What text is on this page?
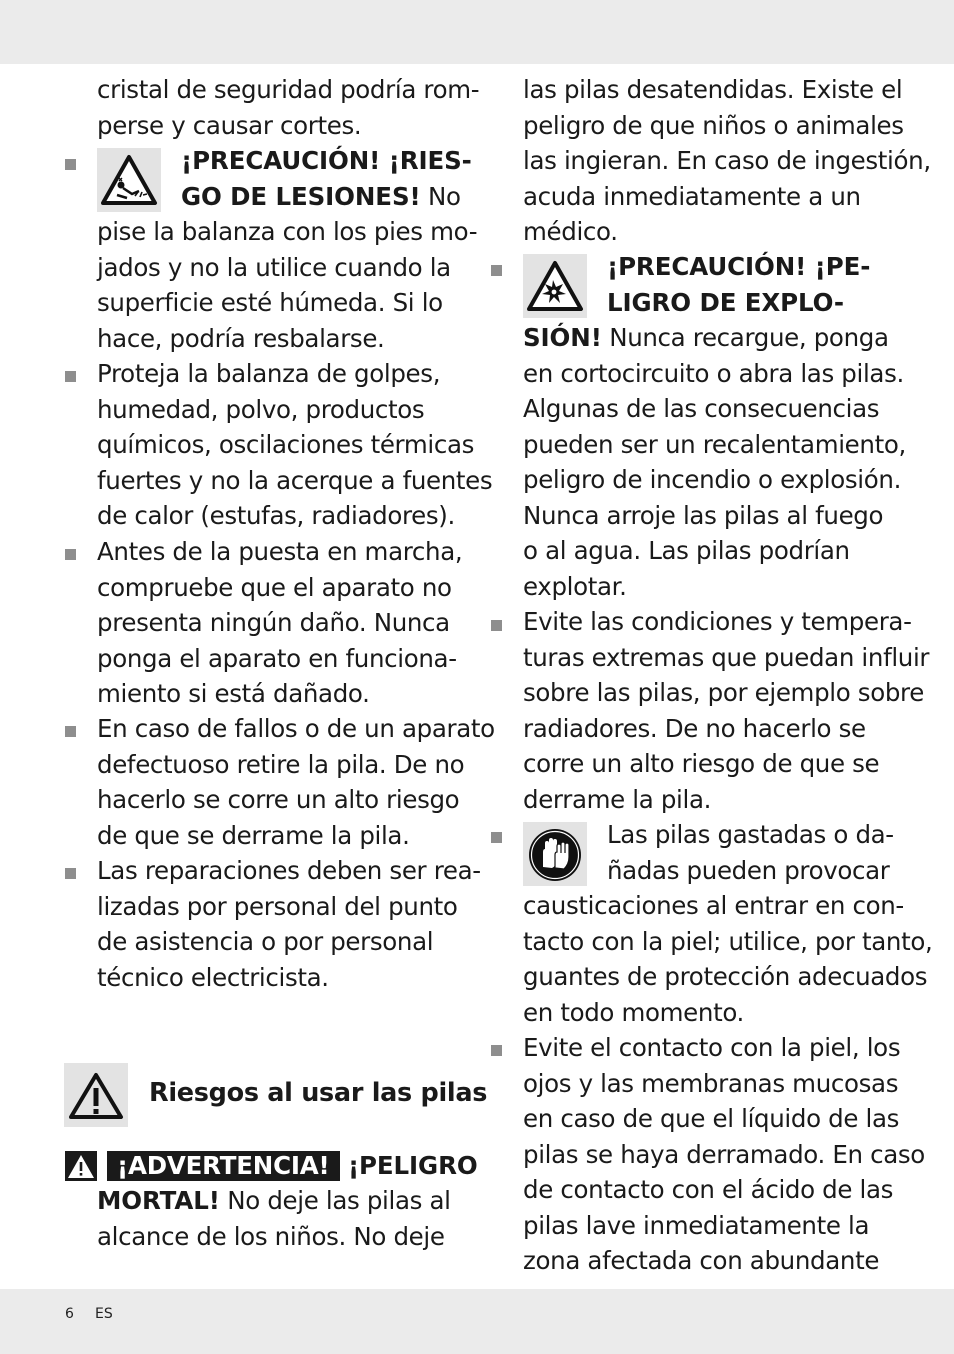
cristal de seguridad podría rom-
perse y causar cortes.
¡PRECAUCIÓN! ¡RIES-
GO DE LESIONES! No
pise la balanza con los pies mo-
jados y no la utilice cuando la
superficie esté húmeda. Si lo
hace, podría resbalarse.
Proteja la balanza de golpes,
humedad, polvo, productos
químicos, oscilaciones térmicas
fuertes y no la acerque a fuentes
de calor (estufas, radiadores).
Antes de la puesta en marcha,
compruebe que el aparato no
presenta ningún daño. Nunca
ponga el aparato en funciona-
miento si está dañado.
En caso de fallos o de un aparato
defectuoso retire la pila. De no
hacerlo se corre un alto riesgo
de que se derrame la pila.
Las reparaciones deben ser rea-
lizadas por personal del punto
de asistencia o por personal
técnico electricista.
Riesgos al usar las pilas
¡ADVERTENCIA! ¡PELIGRO
MORTAL! No deje las pilas al
alcance de los niños. No deje
las pilas desatendidas. Existe el
peligro de que niños o animales
las ingieran. En caso de ingestión,
acuda inmediatamente a un
médico.
¡PRECAUCIÓN! ¡PE-
LIGRO DE EXPLO-
SIÓN! Nunca recargue, ponga
en cortocircuito o abra las pilas.
Algunas de las consecuencias
pueden ser un recalentamiento,
peligro de incendio o explosión.
Nunca arroje las pilas al fuego
o al agua. Las pilas podrían
explotar.
Evite las condiciones y tempera-
turas extremas que puedan influir
sobre las pilas, por ejemplo sobre
radiadores. De no hacerlo se
corre un alto riesgo de que se
derrame la pila.
Las pilas gastadas o da-
ñadas pueden provocar
causticaciones al entrar en con-
tacto con la piel; utilice, por tanto,
guantes de protección adecuados
en todo momento.
Evite el contacto con la piel, los
ojos y las membranas mucosas
en caso de que el líquido de las
pilas se haya derramado. En caso
de contacto con el ácido de las
pilas lave inmediatamente la
zona afectada con abundante
6 ES
